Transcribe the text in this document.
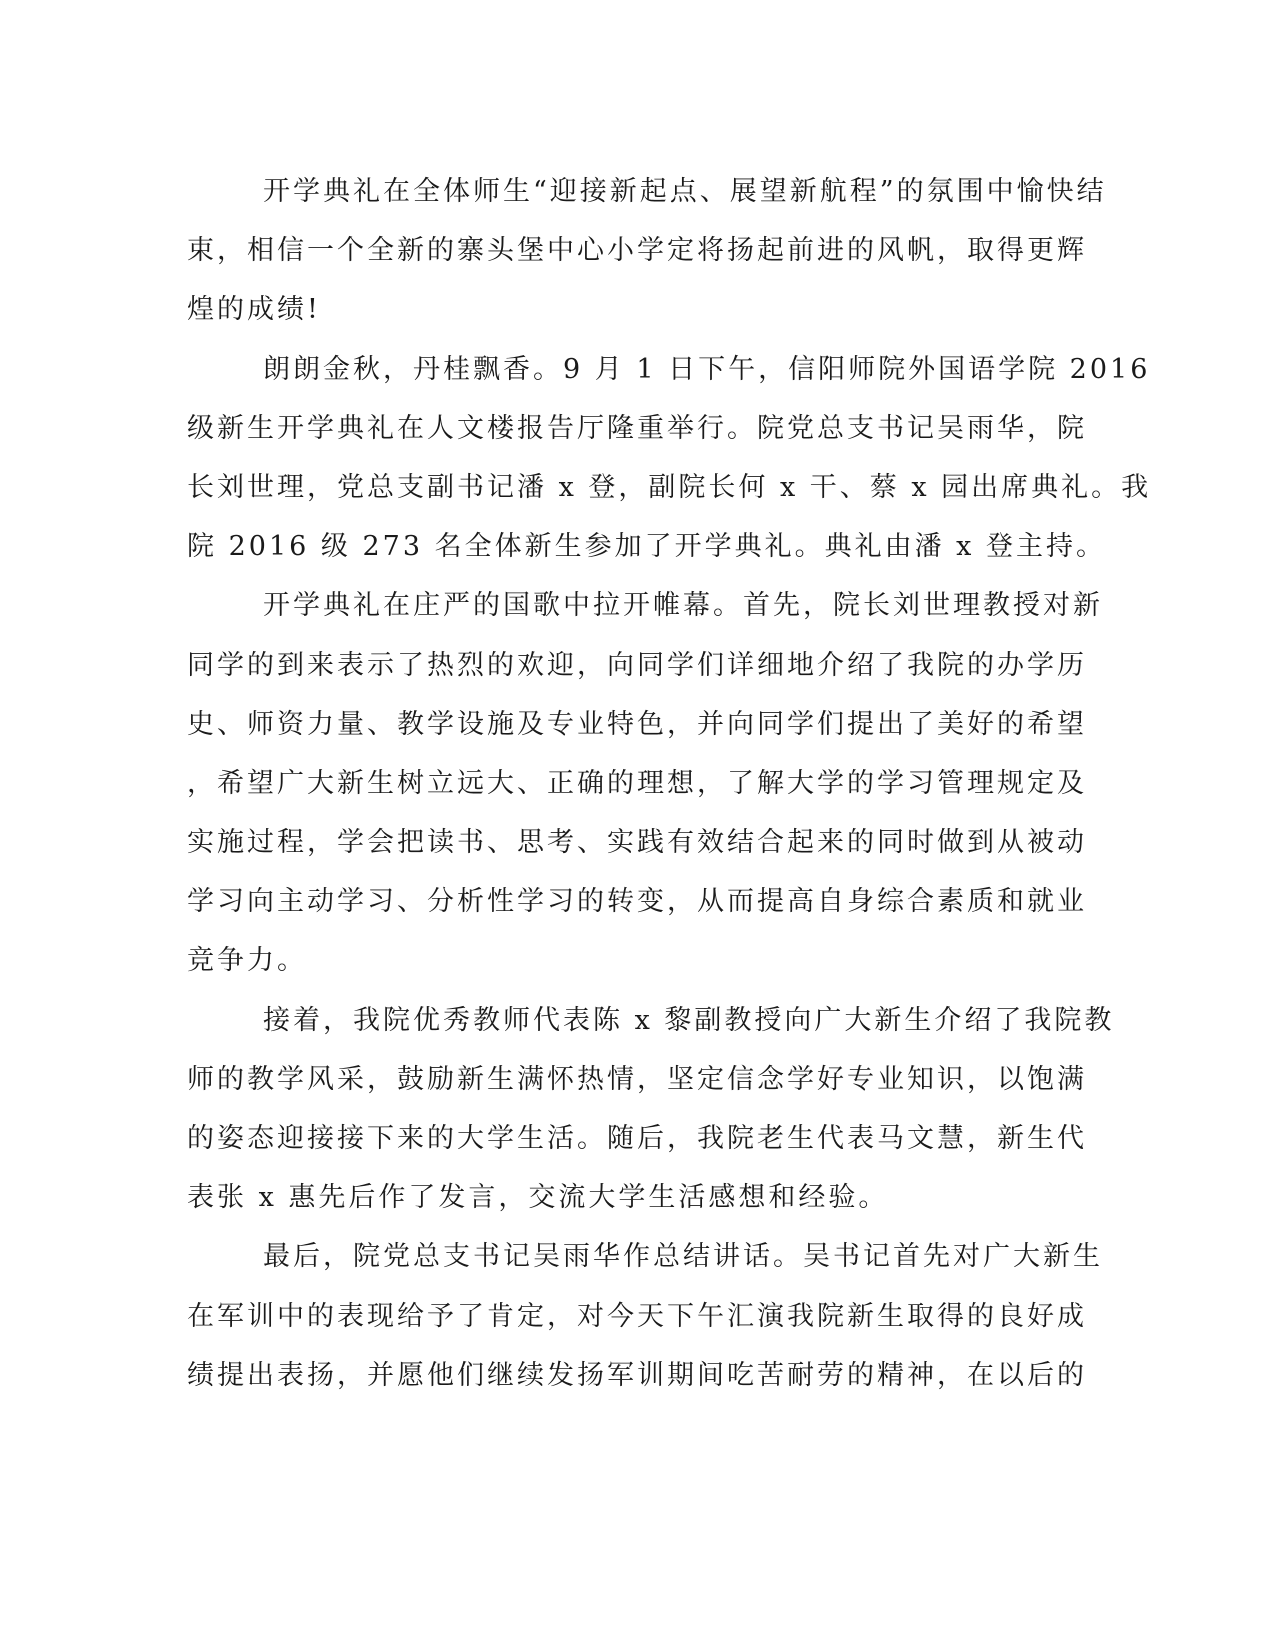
开学典礼在全体师生“迎接新起点、展望新航程”的氛围中愉快结
束，相信一个全新的寨头堡中心小学定将扬起前进的风帆，取得更辉
煌的成绩!
朗朗金秋，丹桂飘香。9 月 1 日下午，信阳师院外国语学院 2016
级新生开学典礼在人文楼报告厅隆重举行。院党总支书记吴雨华，院
长刘世理，党总支副书记潘 x 登，副院长何 x 干、蔡 x 园出席典礼。我
院 2016 级 273 名全体新生参加了开学典礼。典礼由潘 x 登主持。
开学典礼在庄严的国歌中拉开帷幕。首先，院长刘世理教授对新
同学的到来表示了热烈的欢迎，向同学们详细地介绍了我院的办学历
史、师资力量、教学设施及专业特色，并向同学们提出了美好的希望
，希望广大新生树立远大、正确的理想，了解大学的学习管理规定及
实施过程，学会把读书、思考、实践有效结合起来的同时做到从被动
学习向主动学习、分析性学习的转变，从而提高自身综合素质和就业
竞争力。
接着，我院优秀教师代表陈 x 黎副教授向广大新生介绍了我院教
师的教学风采，鼓励新生满怀热情，坚定信念学好专业知识，以饱满
的姿态迎接接下来的大学生活。随后，我院老生代表马文慧，新生代
表张 x 惠先后作了发言，交流大学生活感想和经验。
最后，院党总支书记吴雨华作总结讲话。吴书记首先对广大新生
在军训中的表现给予了肯定，对今天下午汇演我院新生取得的良好成
绩提出表扬，并愿他们继续发扬军训期间吃苦耐劳的精神，在以后的
